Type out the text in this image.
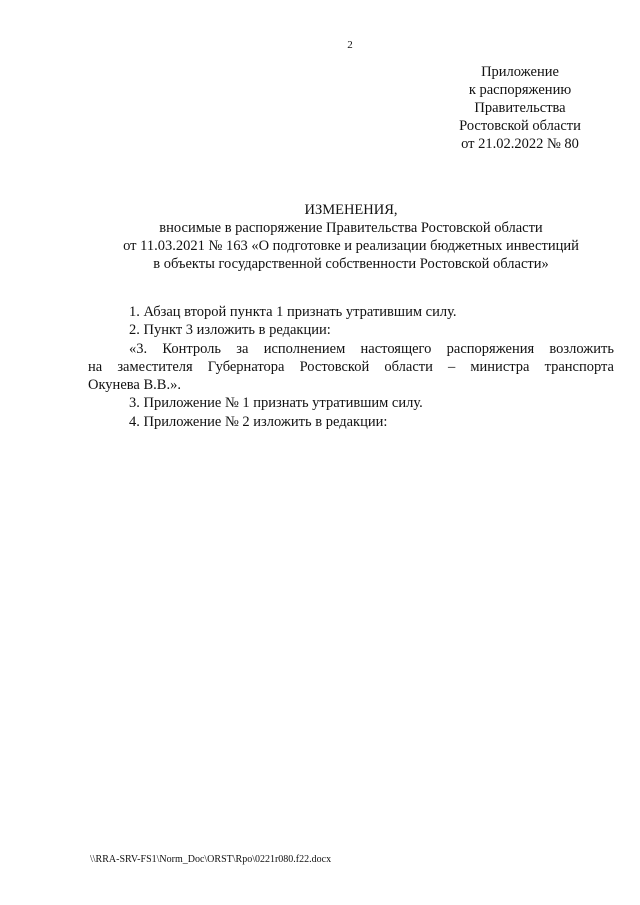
2
Приложение
к распоряжению
Правительства
Ростовской области
от 21.02.2022 № 80
ИЗМЕНЕНИЯ,
вносимые в распоряжение Правительства Ростовской области
от 11.03.2021 № 163 «О подготовке и реализации бюджетных инвестиций
в объекты государственной собственности Ростовской области»

1. Абзац второй пункта 1 признать утратившим силу.

2. Пункт 3 изложить в редакции:

«3. Контроль за исполнением настоящего распоряжения возложить
на заместителя Губернатора Ростовской области – министра транспорта
Окунева В.В.».

3. Приложение № 1 признать утратившим силу.

4. Приложение № 2 изложить в редакции:

\\RRA-SRV-FS1\Norm_Doc\ORST\Rpo\0221r080.f22.docx
